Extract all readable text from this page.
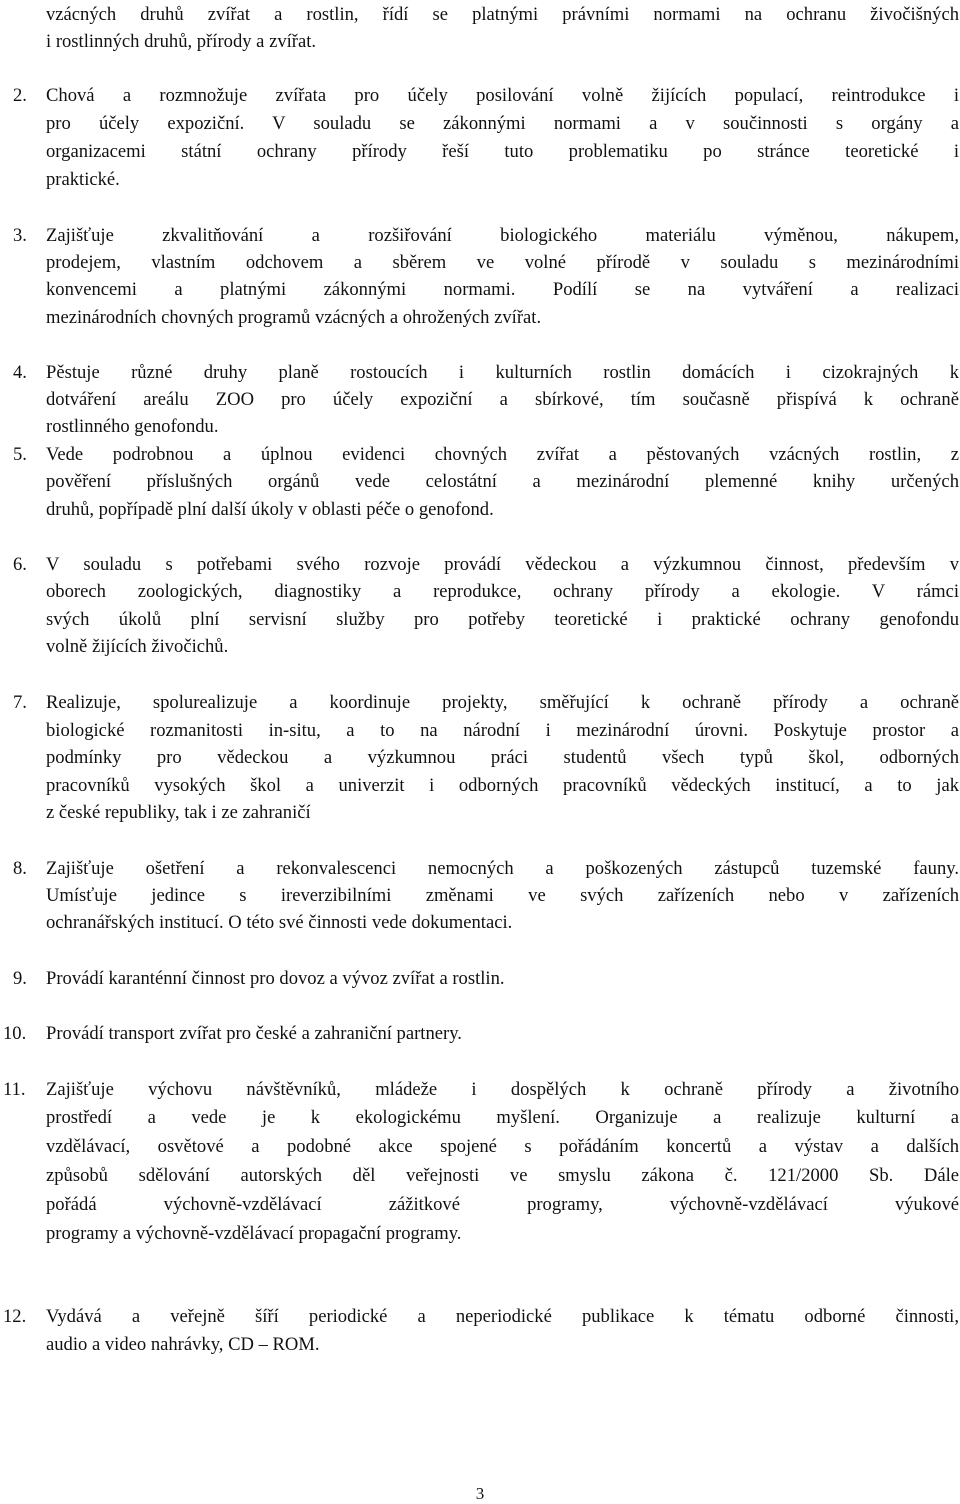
vzácných druhů zvířat a rostlin, řídí se platnými právními normami na ochranu živočišných
i rostlinných druhů, přírody a zvířat.
2. Chová a rozmnožuje zvířata pro účely posilování volně žijících populací, reintrodukce i
pro účely expoziční. V souladu se zákonnými normami a v součinnosti s orgány a
organizacemi státní ochrany přírody řeší tuto problematiku po stránce teoretické i
praktické.
3. Zajišťuje zkvalitňování a rozšiřování biologického materiálu výměnou, nákupem,
prodejem, vlastním odchovem a sběrem ve volné přírodě v souladu s mezinárodními
konvencemi a platnými zákonnými normami. Podílí se na vytváření a realizaci
mezinárodních chovných programů vzácných a ohrožených zvířat.
4. Pěstuje různé druhy planě rostoucích i kulturních rostlin domácích i cizokrajných k
dotváření areálu ZOO pro účely expoziční a sbírkové, tím současně přispívá k ochraně
rostlinného genofondu.
5. Vede podrobnou a úplnou evidenci chovných zvířat a pěstovaných vzácných rostlin, z
pověření příslušných orgánů vede celostátní a mezinárodní plemenné knihy určených
druhů, popřípadě plní další úkoly v oblasti péče o genofond.
6. V souladu s potřebami svého rozvoje provádí vědeckou a výzkumnou činnost, především v
oborech zoologických, diagnostiky a reprodukce, ochrany přírody a ekologie. V rámci
svých úkolů plní servisní služby pro potřeby teoretické i praktické ochrany genofondu
volně žijících živočichů.
7. Realizuje, spolurealizuje a koordinuje projekty, směřující k ochraně přírody a ochraně
biologické rozmanitosti in-situ, a to na národní i mezinárodní úrovni. Poskytuje prostor a
podmínky pro vědeckou a výzkumnou práci studentů všech typů škol, odborných
pracovníků vysokých škol a univerzit i odborných pracovníků vědeckých institucí, a to jak
z české republiky, tak i ze zahraničí
8. Zajišťuje ošetření a rekonvalescenci nemocných a poškozených zástupců tuzemské fauny.
Umísťuje jedince s ireverzibilními změnami ve svých zařízeních nebo v zařízeních
ochranářských institucí. O této své činnosti vede dokumentaci.
9. Provádí karanténní činnost pro dovoz a vývoz zvířat a rostlin.
10. Provádí transport zvířat pro české a zahraniční partnery.
11. Zajišťuje výchovu návštěvníků, mládeže i dospělých k ochraně přírody a životního
prostředí a vede je k ekologickému myšlení. Organizuje a realizuje kulturní a
vzdělávací, osvětové a podobné akce spojené s pořádáním koncertů a výstav a dalších
způsobů sdělování autorských děl veřejnosti ve smyslu zákona č. 121/2000 Sb. Dále
pořádá výchovně-vzdělávací zážitkové programy, výchovně-vzdělávací výukové
programy a výchovně-vzdělávací propagační programy.
12. Vydává a veřejně šíří periodické a neperiodické publikace k tématu odborné činnosti,
audio a video nahrávky, CD – ROM.
3
